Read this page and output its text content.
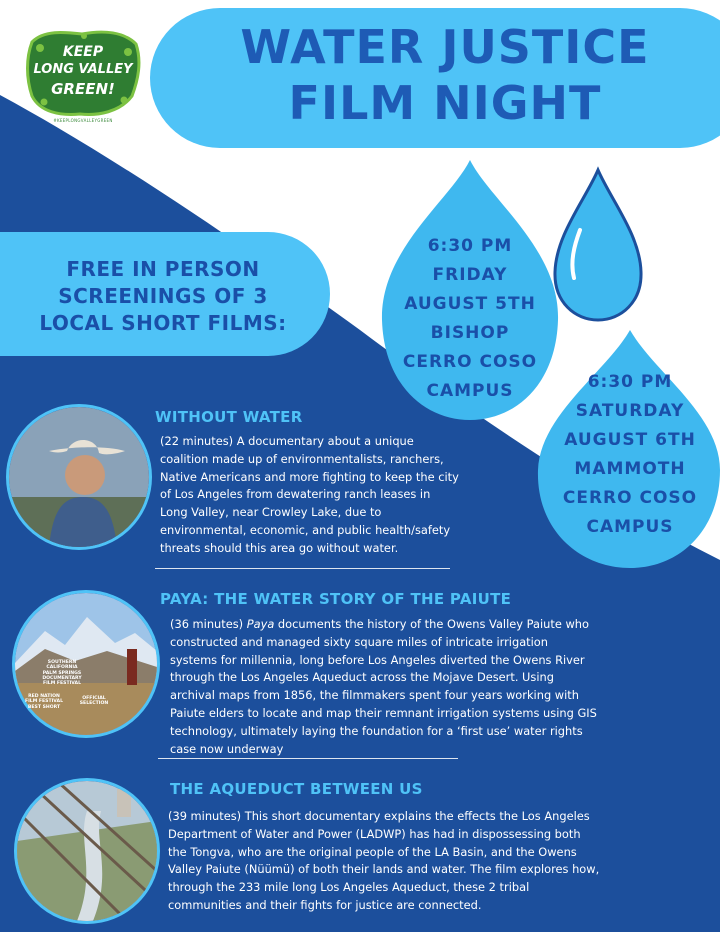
KEEP
LONG VALLEY
GREEN!
#KEEPLONGVALLEYGREEN
WATER JUSTICE
FILM NIGHT
FREE IN PERSON
SCREENINGS OF 3
LOCAL SHORT FILMS:
6:30 PM
FRIDAY
AUGUST 5TH
BISHOP
CERRO COSO
CAMPUS	6:30 PM
SATURDAY
AUGUST 6TH
MAMMOTH
CERRO COSO
CAMPUS
WITHOUT WATER
(22 minutes) A documentary about a unique coalition made up of environmentalists, ranchers, Native Americans and more fighting to keep the city of Los Angeles from dewatering ranch leases in Long Valley, near Crowley Lake, due to environmental, economic, and public health/safety threats should this area go without water.
SOUTHERN CALIFORNIA PALM SPRINGS DOCUMENTARY FILM FESTIVAL
RED NATION FILM FESTIVAL BEST SHORT
OFFICIAL SELECTION
PAYA: THE WATER STORY OF THE PAIUTE
(36 minutes) Paya documents the history of the Owens Valley Paiute who constructed and managed sixty square miles of intricate irrigation systems for millennia, long before Los Angeles diverted the Owens River through the Los Angeles Aqueduct across the Mojave Desert. Using archival maps from 1856, the filmmakers spent four years working with Paiute elders to locate and map their remnant irrigation systems using GIS technology, ultimately laying the foundation for a ‘first use’ water rights case now underway
THE AQUEDUCT BETWEEN US
(39 minutes) This short documentary explains the effects the Los Angeles Department of Water and Power (LADWP) has had in dispossessing both the Tongva, who are the original people of the LA Basin, and the Owens Valley Paiute (Nüümü) of both their lands and water. The film explores how, through the 233 mile long Los Angeles Aqueduct, these 2 tribal communities and their fights for justice are connected.
